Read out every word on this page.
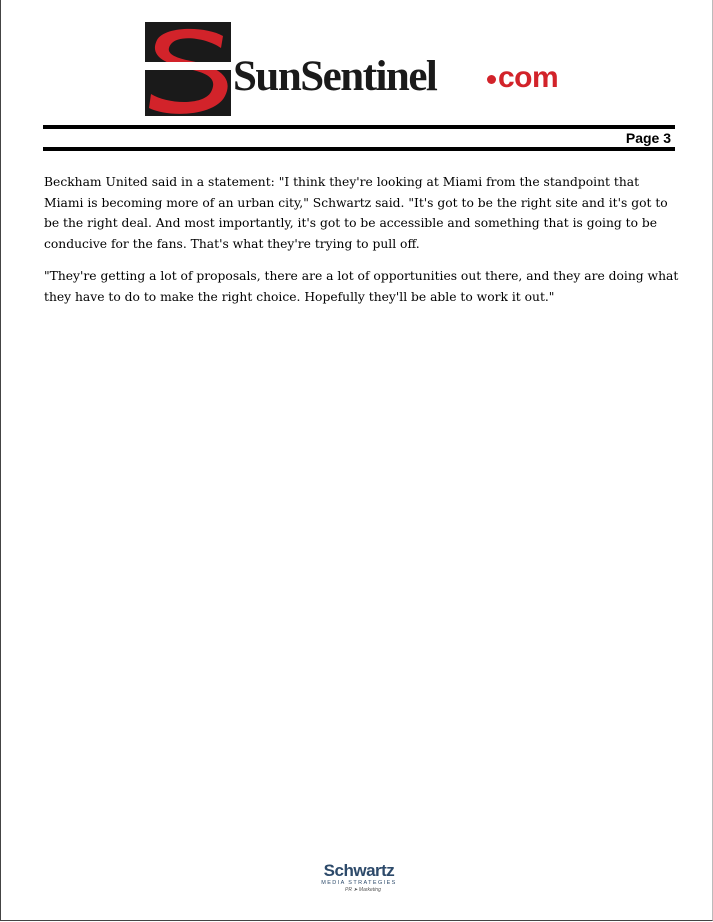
SunSentinel	com
Page 3

Beckham United said in a statement: "I think they're looking at Miami from the standpoint that Miami is becoming more of an urban city," Schwartz said. "It's got to be the right site and it's got to be the right deal. And most importantly, it's got to be accessible and something that is going to be conducive for the fans. That's what they're trying to pull off.

"They're getting a lot of proposals, there are a lot of opportunities out there, and they are doing what they have to do to make the right choice. Hopefully they'll be able to work it out."

Schwartz
MEDIA STRATEGIES
PR ➤ Marketing
